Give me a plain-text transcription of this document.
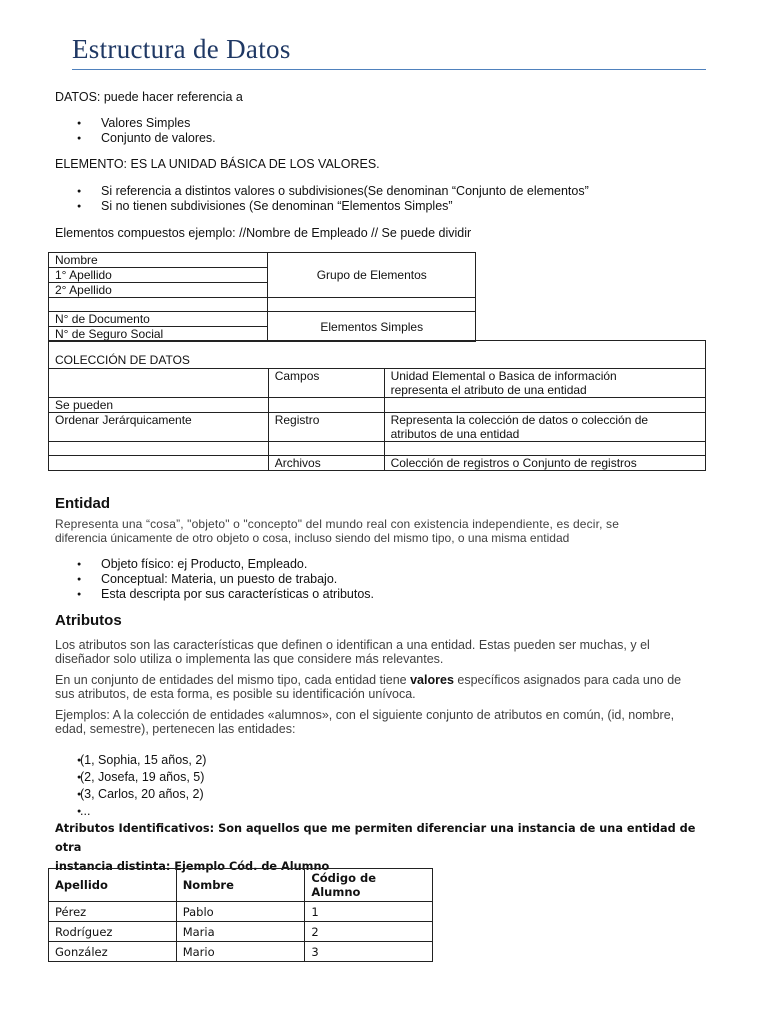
Estructura de Datos
DATOS: puede hacer referencia a
● Valores Simples
● Conjunto de valores.
ELEMENTO: ES LA UNIDAD BÁSICA DE LOS VALORES.
● Si referencia a distintos valores o subdivisiones(Se denominan “Conjunto de elementos”
● Si no tienen subdivisiones (Se denominan “Elementos Simples”
Elementos compuestos ejemplo: //Nombre de Empleado // Se puede dividir
Nombre	Grupo de Elementos
1° Apellido	
2° Apellido	

N° de Documento	Elementos Simples
N° de Seguro Social	
COLECCIÓN DE DATOS		
	Campos	Unidad Elemental o Basica de información
representa el atributo de una entidad
Se pueden		
Ordenar Jerárquicamente	Registro	Representa la colección de datos o colección de
atributos de una entidad

	Archivos	Colección de registros o Conjunto de registros
Entidad
Representa una “cosa”, "objeto" o "concepto" del mundo real con existencia independiente, es decir, se
diferencia únicamente de otro objeto o cosa, incluso siendo del mismo tipo, o una misma entidad
● Objeto físico: ej Producto, Empleado.
● Conceptual: Materia, un puesto de trabajo.
● Esta descripta por sus características o atributos.
Atributos
Los atributos son las características que definen o identifican a una entidad. Estas pueden ser muchas, y el
diseñador solo utiliza o implementa las que considere más relevantes.
En un conjunto de entidades del mismo tipo, cada entidad tiene valores específicos asignados para cada uno de
sus atributos, de esta forma, es posible su identificación unívoca.
Ejemplos: A la colección de entidades «alumnos», con el siguiente conjunto de atributos en común, (id, nombre,
edad, semestre), pertenecen las entidades:
● (1, Sophia, 15 años, 2)
● (2, Josefa, 19 años, 5)
● (3, Carlos, 20 años, 2)
● ...
Atributos Identificativos: Son aquellos que me permiten diferenciar una instancia de una entidad de otra
instancia distinta: Ejemplo Cód. de Alumno
Apellido	Nombre	Código de Alumno
Pérez	Pablo	1
Rodríguez	Maria	2
González	Mario	3
